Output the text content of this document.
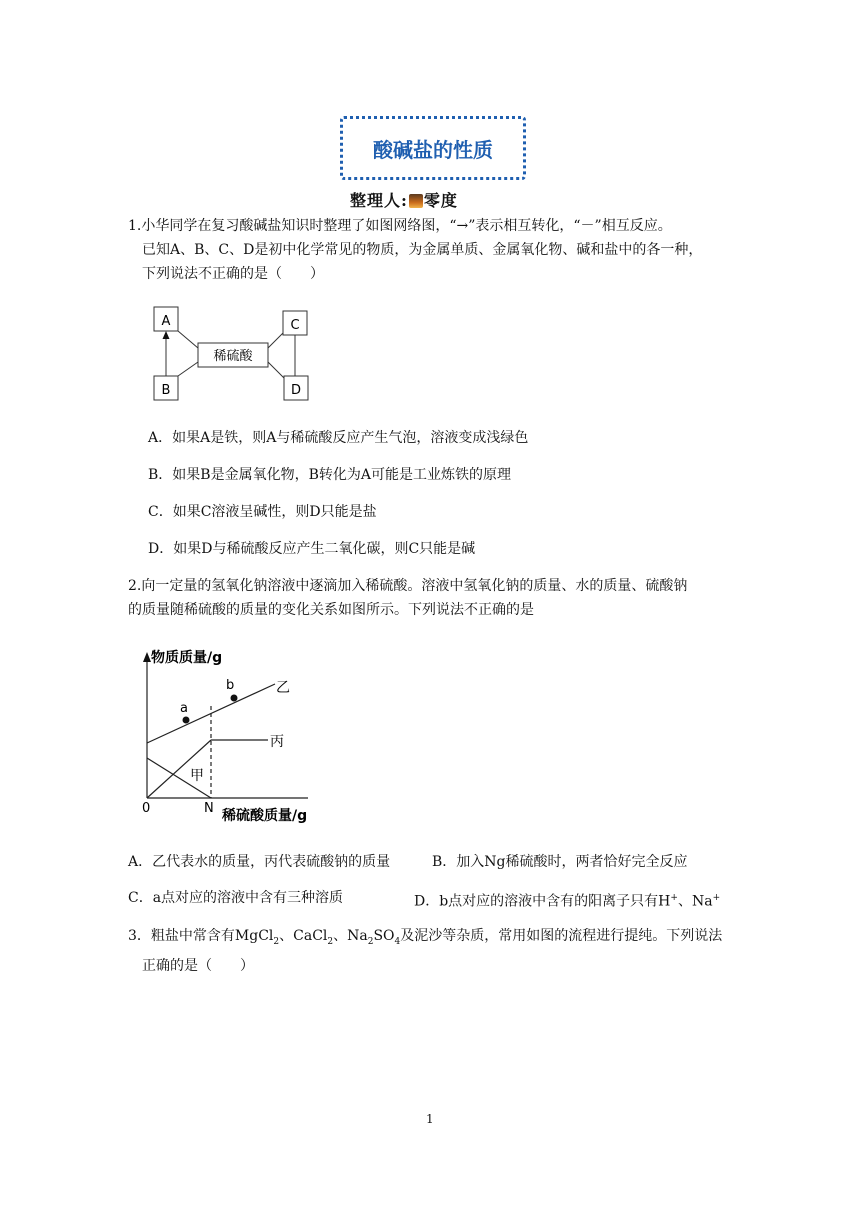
酸碱盐的性质
整理人: 零度
1.小华同学在复习酸碱盐知识时整理了如图网络图，“→”表示相互转化，“－”相互反应。
已知A、B、C、D是初中化学常见的物质，为金属单质、金属氧化物、碱和盐中的各一种，
下列说法不正确的是（　　）
A
B
C
D
稀硫酸
A．如果A是铁，则A与稀硫酸反应产生气泡，溶液变成浅绿色
B．如果B是金属氧化物，B转化为A可能是工业炼铁的原理
C．如果C溶液呈碱性，则D只能是盐
D．如果D与稀硫酸反应产生二氧化碳，则C只能是碱
2.向一定量的氢氧化钠溶液中逐滴加入稀硫酸。溶液中氢氧化钠的质量、水的质量、硫酸钠
的质量随稀硫酸的质量的变化关系如图所示。下列说法不正确的是
物质质量/g
稀硫酸质量/g
0	N
a
b	乙
丙
甲
A．乙代表水的质量，丙代表硫酸钠的质量	B．加入Ng稀硫酸时，两者恰好完全反应
C．a点对应的溶液中含有三种溶质	D．b点对应的溶液中含有的阳离子只有H+、Na+
3．粗盐中常含有MgCl$_2$、CaCl$_2$、$Na_2SO_4$及泥沙等杂质，常用如图的流程进行提纯。下列说法
正确的是（　　）
1
